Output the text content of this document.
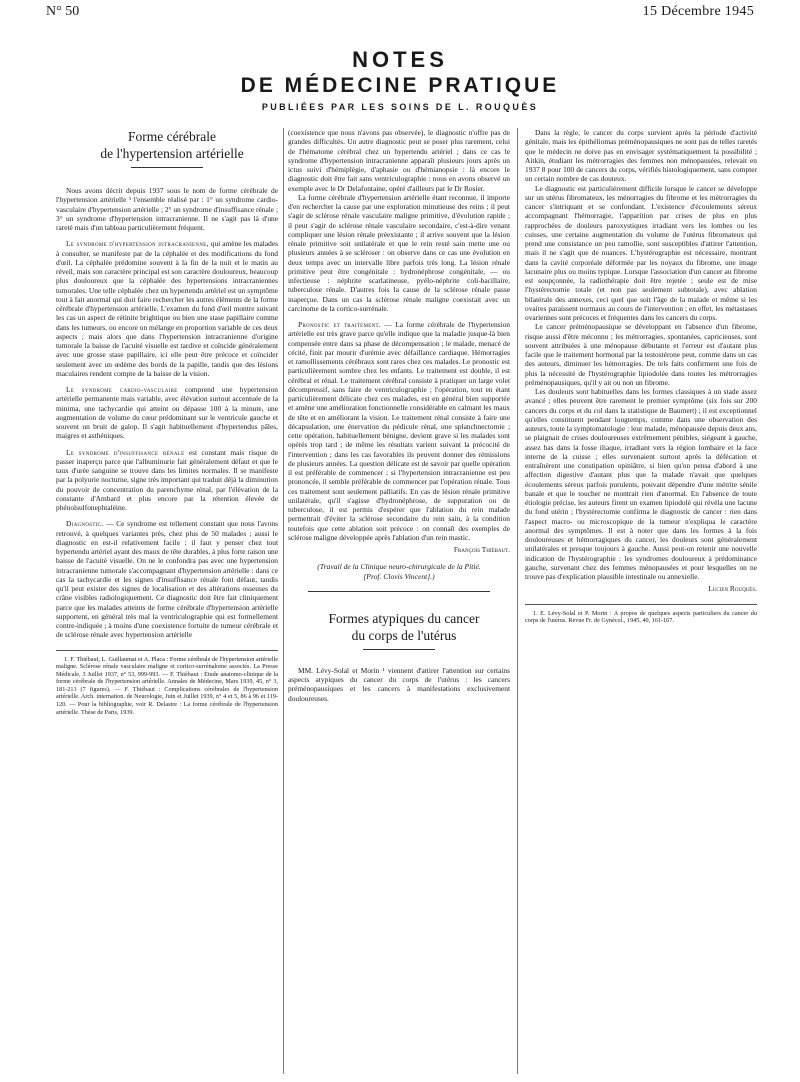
N° 50	15 Décembre 1945
NOTES
DE MÉDECINE PRATIQUE
PUBLIÉES PAR LES SOINS DE L. ROUQUÈS

Forme cérébrale

de l'hypertension artérielle

Nous avons décrit depuis 1937 sous le nom de forme cérébrale de l'hypertension artérielle ¹ l'ensemble réalisé par : 1° un syndrome cardio-vasculaire d'hypertension artérielle ; 2° un syndrome d'insuffisance rénale ; 3° un syndrome d'hypertension intracranienne. Il ne s'agit pas là d'une rareté mais d'un tableau particulièrement fréquent.

Le syndrome d'hypertension intracranienne, qui amène les malades à consulter, se manifeste par de la céphalée et des modifications du fond d'œil. La céphalée prédomine souvent à la fin de la nuit et le matin au réveil, mais son caractère principal est son caractère douloureux, beaucoup plus douloureux que la céphalée des hypertensions intracraniennes tumorales. Une telle céphalée chez un hypertendu artériel est un symptôme tout à fait anormal qui doit faire rechercher les autres éléments de la forme cérébrale d'hypertension artérielle. L'examen du fond d'œil montre suivant les cas un aspect de rétinite brightique ou bien une stase papillaire comme dans les tumeurs, ou encore un mélange en proportion variable de ces deux aspects ; mais alors que dans l'hypertension intracranienne d'origine tumorale la baisse de l'acuité visuelle est tardive et coïncide généralement avec une grosse stase papillaire, ici elle peut être précoce et coïncider seulement avec un œdème des bords de la papille, tandis que des lésions maculaires rendent compte de la baisse de la vision.

Le syndrome cardio-vasculaire comprend une hypertension artérielle permanente mais variable, avec élévation surtout accentuée de la minima, une tachycardie qui atteint ou dépasse 100 à la minute, une augmentation de volume du cœur prédominant sur le ventricule gauche et souvent un bruit de galop. Il s'agit habituellement d'hypertendus pâles, maigres et asthéniques.

Le syndrome d'insuffisance rénale est constant mais risque de passer inaperçu parce que l'albuminurie fait généralement défaut et que le taux d'urée sanguine se trouve dans les limites normales. Il se manifeste par la polyurie nocturne, signe très important qui traduit déjà la diminution du pouvoir de concentration du parenchyme rénal, par l'élévation de la constante d'Ambard et plus encore par la rétention élevée de phénolsulfonephtaléine.

Diagnostic. — Ce syndrome est tellement constant que nous l'avons retrouvé, à quelques variantes près, chez plus de 50 malades ; aussi le diagnostic en est-il relativement facile : il faut y penser chez tout hypertendu artériel ayant des maux de tête durables, à plus forte raison une baisse de l'acuité visuelle. On ne le confondra pas avec une hypertension intracranienne tumorale s'accompagnant d'hypertension artérielle : dans ce cas la tachycardie et les signes d'insuffisance rénale font défaut, tandis qu'il peut exister des signes de localisation et des altérations osseuses du crâne visibles radiologiquement. Ce diagnostic doit être fait cliniquement parce que les malades atteints de forme cérébrale d'hypertension artérielle supportent, en général très mal la ventriculographie qui est formellement contre-indiquée ; à moins d'une coexistence fortuite de tumeur cérébrale et de sclérose rénale avec hypertension artérielle

1. F. Thiébaut, L. Guillaumat et A. Placa : Forme cérébrale de l'hypertension artérielle maligne. Sclérose rénale vasculaire maligne et cortico-surrénalome associés. La Presse Médicale, 3 Juillet 1937, n° 53, 999-993. — F. Thiébaut : Étude anatomo-clinique de la forme cérébrale de l'hypertension artérielle. Annales de Médecine, Mars 1939, 45, n° 3, 181-213 (7 figures). — F. Thiébaut : Complications cérébrales de l'hypertension artérielle. Arch. internation. de Neurologie, Juin et Juillet 1939, n° 4 et 5, 86 à 96 et 119-120. — Pour la bibliographie, voir R. Delastre : La forme cérébrale de l'hypertension artérielle. Thèse de Paris, 1939.

(coexistence que nous n'avons pas observée), le diagnostic n'offre pas de grandes difficultés. Un autre diagnostic peut se poser plus rarement, celui de l'hématome cérébral chez un hypertendu artériel ; dans ce cas le syndrome d'hypertension intracranienne apparaît plusieurs jours après un ictus suivi d'hémiplégie, d'aphasie ou d'hémianopsie : là encore le diagnostic doit être fait sans ventriculographie : nous en avons observé un exemple avec le Dr Delafontaine, opéré d'ailleurs par le Dr Rosier.

La forme cérébrale d'hypertension artérielle étant reconnue, il importe d'en rechercher la cause par une exploration minutieuse des reins ; il peut s'agir de sclérose rénale vasculaire maligne primitive, d'évolution rapide ; il peut s'agir de sclérose rénale vasculaire secondaire, c'est-à-dire venant compliquer une lésion rénale préexistante ; il arrive souvent que la lésion rénale primitive soit unilatérale et que le rein resté sain mette une ou plusieurs années à se scléroser : on observe dans ce cas une évolution en deux temps avec un intervalle libre parfois très long. La lésion rénale primitive peut être congénitale : hydronéphrose congénitale, — ou infectieuse : néphrite scarlatineuse, pyélo-néphrite coli-bacillaire, tuberculose rénale. D'autres fois la cause de la sclérose rénale passe inaperçue. Dans un cas la sclérose rénale maligne coexistait avec un carcinome de la cortico-surrénale.

Pronostic et traitement. — La forme cérébrale de l'hypertension artérielle est très grave parce qu'elle indique que la maladie jusque-là bien compensée entre dans sa phase de décompensation ; le malade, menacé de cécité, finit par mourir d'urémie avec défaillance cardiaque. Hémorragies et ramollissements cérébraux sont rares chez ces malades. Le pronostic est particulièrement sombre chez les enfants. Le traitement est double, il est cérébral et rénal. Le traitement cérébral consiste à pratiquer un large volet décompressif, sans faire de ventriculographie ; l'opération, tout en étant particulièrement délicate chez ces malades, est en général bien supportée et amène une amélioration fonctionnelle considérable en calmant les maux de tête et en améliorant la vision. Le traitement rénal consiste à faire une décapsulation, une énervation du pédicule rénal, une splanchnectomie ; cette opération, habituellement bénigne, devient grave si les malades sont opérés trop tard ; de même les résultats varient suivant la précocité de l'intervention ; dans les cas favorables ils peuvent donner des rémissions de plusieurs années. La question délicate est de savoir par quelle opération il est préférable de commencer ; si l'hypertension intracranienne est peu prononcée, il semble préférable de commencer par l'opération rénale. Tous ces traitement sont seulement palliatifs. En cas de lésion rénale primitive unilatérale, qu'il s'agisse d'hydronéphrose, de suppuration ou de tuberculose, il est permis d'espérer que l'ablation du rein malade permettrait d'éviter la sclérose secondaire du rein sain, à la condition toutefois que cette ablation soit précoce : on connaît des exemples de sclérose maligne développée après l'ablation d'un rein mastic.

François Thiébaut.

(Travail de la Clinique neuro-chirurgicale de la Pitié.

[Prof. Clovis Vincent].)

Formes atypiques du cancer

du corps de l'utérus

MM. Lévy-Solal et Morin ¹ viennent d'attirer l'attention sur certains aspects atypiques du cancer du corps de l'utérus : les cancers préménopausiques et les cancers à manifestations exclusivement douloureuses.

Dans la règle, le cancer du corps survient après la période d'activité génitale, mais les épithéliomas préménopausiques ne sont pas de telles raretés que le médecin ne doive pas en envisager systématiquement la possibilité ; Aitkin, étudiant les métrorragies des femmes non ménopausées, relevait en 1937 8 pour 100 de cancers du corps, vérifiés histologiquement, sans compter un certain nombre de cas douteux.

Le diagnostic est particulièrement difficile lorsque le cancer se développe sur un utérus fibromateux, les ménorragies du fibrome et les métrorragies du cancer s'intriquant et se confondant. L'existence d'écoulements séreux accompagnant l'hémorragie, l'apparition par crises de plus en plus rapprochées de douleurs paroxystiques irradiant vers les lombes ou les cuisses, une certaine augmentation du volume de l'utérus fibromateux qui prend une consistance un peu ramollie, sont susceptibles d'attirer l'attention, mais il ne s'agit que de nuances. L'hystérographie est nécessaire, montrant dans la cavité corporéale déformée par les noyaux du fibrome, une image lacunaire plus ou moins typique. Lorsque l'association d'un cancer au fibrome est soupçonnée, la radiothérapie doit être rejetée ; seule est de mise l'hystérectomie totale (et non pas seulement subtotale), avec ablation bilatérale des annexes, ceci quel que soit l'âge de la malade et même si les ovaires paraissent normaux au cours de l'intervention ; en effet, les métastases ovariennes sont précoces et fréquentes dans les cancers du corps.

Le cancer préménopausique se développant en l'absence d'un fibrome, risque aussi d'être méconnu ; les métrorragies, spontanées, capricieuses, sont souvent attribuées à une ménopause débutante et l'erreur est d'autant plus facile que le traitement hormonal par la testostérone peut, comme dans un cas des auteurs, diminuer les hémorragies. De tels faits confirment une fois de plus la nécessité de l'hystérographie lipiodolée dans toutes les métrorragies préménopausiques, qu'il y ait ou non un fibrome.

Les douleurs sont habituelles dans les formes classiques à un stade assez avancé ; elles peuvent être rarement le premier symptôme (six fois sur 200 cancers du corps et du col dans la statistique de Baumert) ; il est exceptionnel qu'elles constituent pendant longtemps, comme dans une observation des auteurs, toute la symptomatologie : leur malade, ménopausée depuis deux ans, se plaignait de crises douloureuses extrêmement pénibles, siégeant à gauche, assez bas dans la fosse iliaque, irradiant vers la région lombaire et la face interne de la cuisse ; elles survenaient surtout après la défécation et entraînèrent une constipation opiniâtre, si bien qu'on pensa d'abord à une affection digestive d'autant plus que la malade n'avait que quelques écoulements séreux parfois purulents, pouvant dépendre d'une métrite sénile banale et que le toucher ne montrait rien d'anormal. En l'absence de toute étiologie précise, les auteurs firent un examen lipiodolé qui révéla une lacune du fond utérin ; l'hystérectomie confirma le diagnostic de cancer : rien dans l'aspect macro- ou microscopique de la tumeur n'expliqua le caractère anormal des symptômes. Il est à noter que dans les formes à la fois douloureuses et hémorragiques du cancer, les douleurs sont généralement unilatérales et presque toujours à gauche. Aussi peut-on retenir une nouvelle indication de l'hystérographie : les syndromes douloureux à prédominance gauche, survenant chez des femmes ménopausées et pour lesquelles on ne trouve pas d'explication plausible intestinale ou annexielle.

Lucien Rouquès.

1. E. Lévy-Solal et P. Morin : A propos de quelques aspects particuliers du cancer du corps de l'utérus. Revue Fr. de Gynécol., 1945, 40, 161-167.
